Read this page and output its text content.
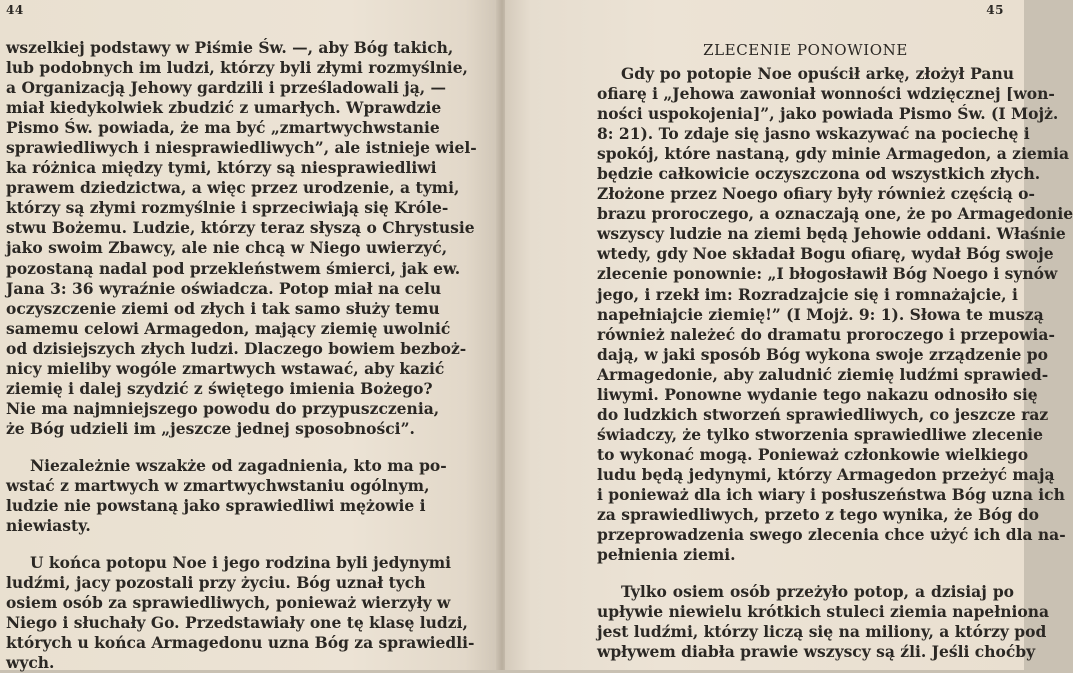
44
wszelkiej podstawy w Piśmie Św. —, aby Bóg takich,
lub podobnych im ludzi, którzy byli złymi rozmyślnie,
a Organizacją Jehowy gardzili i prześladowali ją, —
miał kiedykolwiek zbudzić z umarłych. Wprawdzie
Pismo Św. powiada, że ma być „zmartwychwstanie
sprawiedliwych i niesprawiedliwych”, ale istnieje wiel-
ka różnica między tymi, którzy są niesprawiedliwi
prawem dziedzictwa, a więc przez urodzenie, a tymi,
którzy są złymi rozmyślnie i sprzeciwiają się Króle-
stwu Bożemu. Ludzie, którzy teraz słyszą o Chrystusie
jako swoim Zbawcy, ale nie chcą w Niego uwierzyć,
pozostaną nadal pod przekleństwem śmierci, jak ew.
Jana 3: 36 wyraźnie oświadcza. Potop miał na celu
oczyszczenie ziemi od złych i tak samo służy temu
samemu celowi Armagedon, mający ziemię uwolnić
od dzisiejszych złych ludzi. Dlaczego bowiem bezboż-
nicy mieliby wogóle zmartwych wstawać, aby kazić
ziemię i dalej szydzić z świętego imienia Bożego?
Nie ma najmniejszego powodu do przypuszczenia,
że Bóg udzieli im „jeszcze jednej sposobności”.
Niezależnie wszakże od zagadnienia, kto ma po-
wstać z martwych w zmartwychwstaniu ogólnym,
ludzie nie powstaną jako sprawiedliwi mężowie i
niewiasty.
U końca potopu Noe i jego rodzina byli jedynymi
ludźmi, jacy pozostali przy życiu. Bóg uznał tych
osiem osób za sprawiedliwych, ponieważ wierzyły w
Niego i słuchały Go. Przedstawiały one tę klasę ludzi,
których u końca Armagedonu uzna Bóg za sprawiedli-
wych.
45
ZLECENIE PONOWIONE
Gdy po potopie Noe opuścił arkę, złożył Panu
ofiarę i „Jehowa zawoniał wonności wdzięcznej [won-
ności uspokojenia]”, jako powiada Pismo Św. (I Mojż.
8: 21). To zdaje się jasno wskazywać na pociechę i
spokój, które nastaną, gdy minie Armagedon, a ziemia
będzie całkowicie oczyszczona od wszystkich złych.
Złożone przez Noego ofiary były również częścią o-
brazu proroczego, a oznaczają one, że po Armagedonie
wszyscy ludzie na ziemi będą Jehowie oddani. Właśnie
wtedy, gdy Noe składał Bogu ofiarę, wydał Bóg swoje
zlecenie ponownie: „I błogosławił Bóg Noego i synów
jego, i rzekł im: Rozradzajcie się i romnażajcie, i
napełniajcie ziemię!” (I Mojż. 9: 1). Słowa te muszą
również należeć do dramatu proroczego i przepowia-
dają, w jaki sposób Bóg wykona swoje zrządzenie po
Armagedonie, aby zaludnić ziemię ludźmi sprawied-
liwymi. Ponowne wydanie tego nakazu odnosiło się
do ludzkich stworzeń sprawiedliwych, co jeszcze raz
świadczy, że tylko stworzenia sprawiedliwe zlecenie
to wykonać mogą. Ponieważ członkowie wielkiego
ludu będą jedynymi, którzy Armagedon przeżyć mają
i ponieważ dla ich wiary i posłuszeństwa Bóg uzna ich
za sprawiedliwych, przeto z tego wynika, że Bóg do
przeprowadzenia swego zlecenia chce użyć ich dla na-
pełnienia ziemi.
Tylko osiem osób przeżyło potop, a dzisiaj po
upływie niewielu krótkich stuleci ziemia napełniona
jest ludźmi, którzy liczą się na miliony, a którzy pod
wpływem diabła prawie wszyscy są źli. Jeśli choćby
